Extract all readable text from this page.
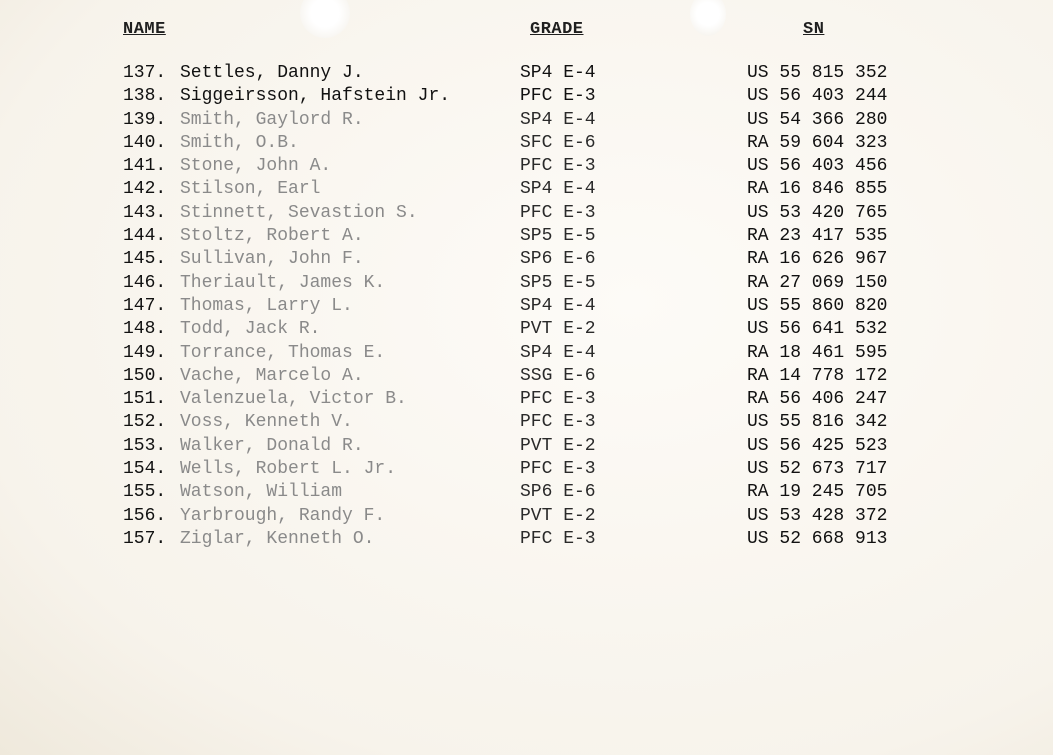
NAME	GRADE	SN
137. Settles, Danny J.	SP4 E-4	US 55 815 352
138. Siggeirsson, Hafstein Jr.	PFC E-3	US 56 403 244
139. Smith, Gaylord R.	SP4 E-4	US 54 366 280
140. Smith, O.B.	SFC E-6	RA 59 604 323
141. Stone, John A.	PFC E-3	US 56 403 456
142. Stilson, Earl	SP4 E-4	RA 16 846 855
143. Stinnett, Sevastion S.	PFC E-3	US 53 420 765
144. Stoltz, Robert A.	SP5 E-5	RA 23 417 535
145. Sullivan, John F.	SP6 E-6	RA 16 626 967
146. Theriault, James K.	SP5 E-5	RA 27 069 150
147. Thomas, Larry L.	SP4 E-4	US 55 860 820
148. Todd, Jack R.	PVT E-2	US 56 641 532
149. Torrance, Thomas E.	SP4 E-4	RA 18 461 595
150. Vache, Marcelo A.	SSG E-6	RA 14 778 172
151. Valenzuela, Victor B.	PFC E-3	RA 56 406 247
152. Voss, Kenneth V.	PFC E-3	US 55 816 342
153. Walker, Donald R.	PVT E-2	US 56 425 523
154. Wells, Robert L. Jr.	PFC E-3	US 52 673 717
155. Watson, William	SP6 E-6	RA 19 245 705
156. Yarbrough, Randy F.	PVT E-2	US 53 428 372
157. Ziglar, Kenneth O.	PFC E-3	US 52 668 913
